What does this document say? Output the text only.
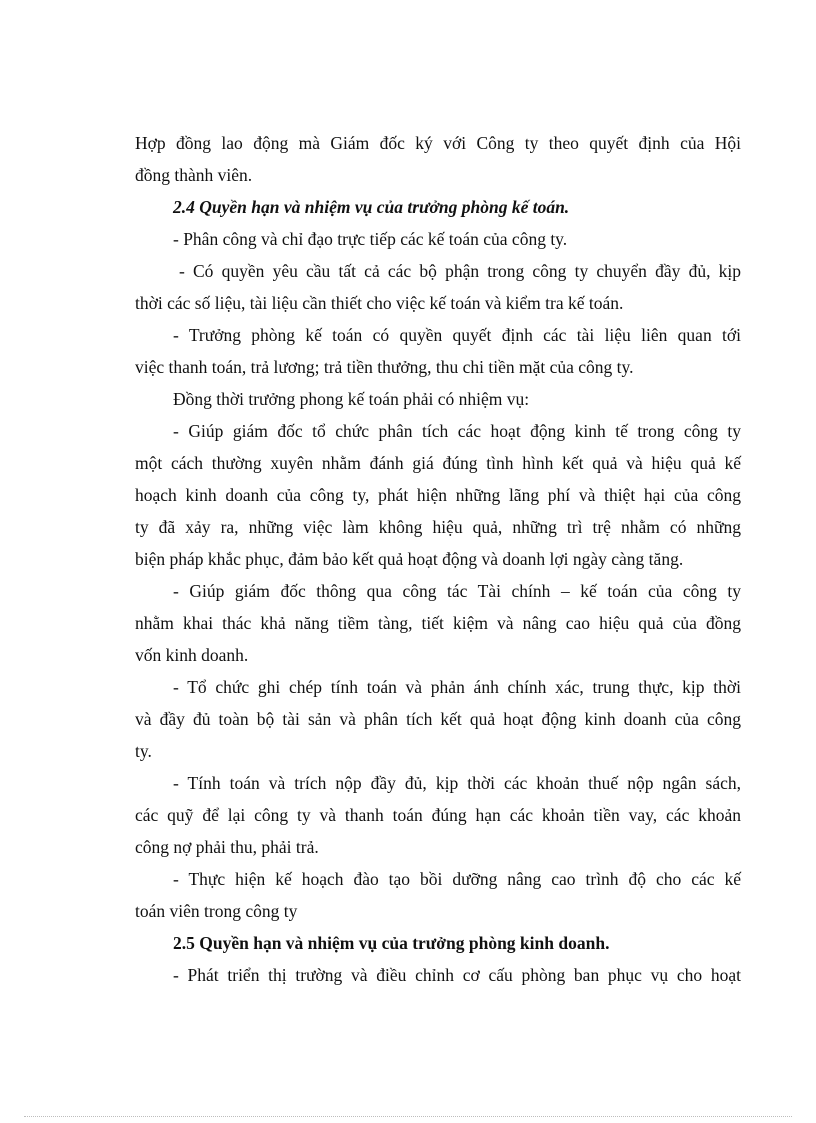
Hợp đồng lao động mà Giám đốc ký với Công ty theo quyết định của Hội
đồng thành viên.
2.4 Quyền hạn và nhiệm vụ của trưởng phòng kế toán.
- Phân công và chỉ đạo trực tiếp các kế toán của công ty.
- Có quyền yêu cầu tất cả các bộ phận trong công ty chuyển đầy đủ, kịp
thời các số liệu, tài liệu cần thiết cho việc kế toán và kiểm tra kế toán.
- Trưởng phòng kế toán có quyền quyết định các tài liệu liên quan tới
việc thanh toán, trả lương; trả tiền thưởng, thu chi tiền mặt của công ty.
Đồng thời trưởng phong kế toán phải có nhiệm vụ:
- Giúp giám đốc tổ chức phân tích các hoạt động kinh tế trong công ty
một cách thường xuyên nhằm đánh giá đúng tình hình kết quả và hiệu quả kế
hoạch kinh doanh của công ty, phát hiện những lãng phí và thiệt hại của công
ty đã xảy ra, những việc làm không hiệu quả, những trì trệ nhằm có những
biện pháp khắc phục, đảm bảo kết quả hoạt động và doanh lợi ngày càng tăng.
- Giúp giám đốc thông qua công tác Tài chính – kế toán của công ty
nhằm khai thác khả năng tiềm tàng, tiết kiệm và nâng cao hiệu quả của đồng
vốn kinh doanh.
- Tổ chức ghi chép tính toán và phản ánh chính xác, trung thực, kịp thời
và đầy đủ toàn bộ tài sản và phân tích kết quả hoạt động kinh doanh của công
ty.
- Tính toán và trích nộp đầy đủ, kịp thời các khoản thuế nộp ngân sách,
các quỹ để lại công ty và thanh toán đúng hạn các khoản tiền vay, các khoản
công nợ phải thu, phải trả.
- Thực hiện kế hoạch đào tạo bồi dưỡng nâng cao trình độ cho các kế
toán viên trong công ty
2.5 Quyền hạn và nhiệm vụ của trưởng phòng kinh doanh.
- Phát triển thị trường và điều chỉnh cơ cấu phòng ban phục vụ cho hoạt
